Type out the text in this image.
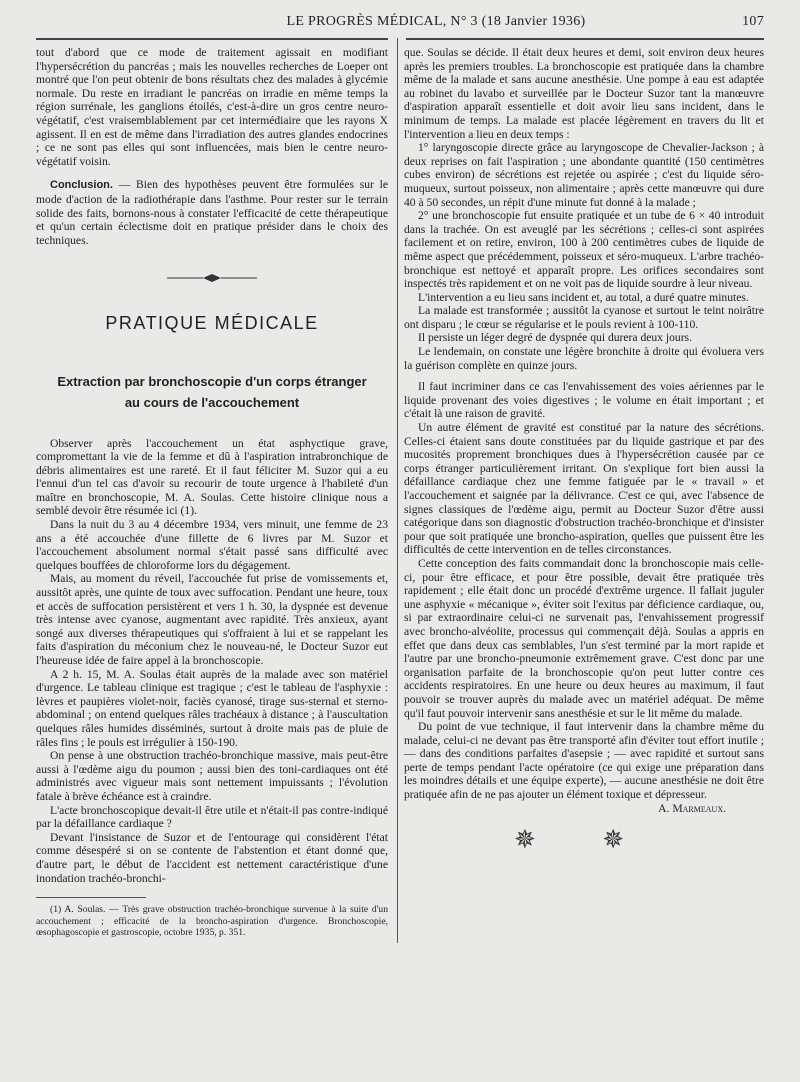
LE PROGRÈS MÉDICAL, N° 3 (18 Janvier 1936)	107

tout d'abord que ce mode de traitement agissait en modifiant l'hypersécrétion du pancréas ; mais les nouvelles recherches de Loeper ont montré que l'on peut obtenir de bons résultats chez des malades à glycémie normale. Du reste en irradiant le pancréas on irradie en même temps la région surrénale, les ganglions étoilés, c'est-à-dire un gros centre neuro-végétatif, c'est vraisemblablement par cet intermédiaire que les rayons X agissent. Il en est de même dans l'irradiation des autres glandes endocrines ; ce ne sont pas elles qui sont influencées, mais bien le centre neuro-végétatif voisin.

Conclusion. — Bien des hypothèses peuvent être formulées sur le mode d'action de la radiothérapie dans l'asthme. Pour rester sur le terrain solide des faits, bornons-nous à constater l'efficacité de cette thérapeutique et qu'un certain éclectisme doit en pratique présider dans le choix des techniques.

PRATIQUE MÉDICALE
Extraction par bronchoscopie d'un corps étranger
au cours de l'accouchement

Observer après l'accouchement un état asphyctique grave, compromettant la vie de la femme et dû à l'aspiration intrabronchique de débris alimentaires est une rareté. Et il faut féliciter M. Suzor qui a eu l'ennui d'un tel cas d'avoir su recourir de toute urgence à l'habileté d'un maître en bronchoscopie, M. A. Soulas. Cette histoire clinique nous a semblé devoir être résumée ici (1).

Dans la nuit du 3 au 4 décembre 1934, vers minuit, une femme de 23 ans a été accouchée d'une fillette de 6 livres par M. Suzor et l'accouchement absolument normal s'était passé sans difficulté avec quelques bouffées de chloroforme lors du dégagement.

Mais, au moment du réveil, l'accouchée fut prise de vomissements et, aussitôt après, une quinte de toux avec suffocation. Pendant une heure, toux et accès de suffocation persistèrent et vers 1 h. 30, la dyspnée est devenue très intense avec cyanose, augmentant avec rapidité. Très anxieux, ayant songé aux diverses thérapeutiques qui s'offraient à lui et se rappelant les faits d'aspiration du méconium chez le nouveau-né, le Docteur Suzor eut l'heureuse idée de faire appel à la bronchoscopie.

A 2 h. 15, M. A. Soulas était auprès de la malade avec son matériel d'urgence. Le tableau clinique est tragique ; c'est le tableau de l'asphyxie : lèvres et paupières violet-noir, faciès cyanosé, tirage sus-sternal et sterno-abdominal ; on entend quelques râles trachéaux à distance ; à l'auscultation quelques râles humides disséminés, surtout à droite mais pas de pluie de râles fins ; le pouls est irrégulier à 150-190.

On pense à une obstruction trachéo-bronchique massive, mais peut-être aussi à l'œdème aigu du poumon ; aussi bien des toni-cardiaques ont été administrés avec vigueur mais sont nettement impuissants ; l'évolution fatale à brève échéance est à craindre.

L'acte bronchoscopique devait-il être utile et n'était-il pas contre-indiqué par la défaillance cardiaque ?

Devant l'insistance de Suzor et de l'entourage qui considèrent l'état comme désespéré si on se contente de l'abstention et étant donné que, d'autre part, le début de l'accident est nettement caractéristique d'une inondation trachéo-bronchi-

(1) A. Soulas. — Très grave obstruction trachéo-bronchique survenue à la suite d'un accouchement ; efficacité de la broncho-aspiration d'urgence. Bronchoscopie, œsophagoscopie et gastroscopie, octobre 1935, p. 351.

que. Soulas se décide. Il était deux heures et demi, soit environ deux heures après les premiers troubles. La bronchoscopie est pratiquée dans la chambre même de la malade et sans aucune anesthésie. Une pompe à eau est adaptée au robinet du lavabo et surveillée par le Docteur Suzor tant la manœuvre d'aspiration apparaît essentielle et doit avoir lieu sans incident, dans le minimum de temps. La malade est placée légèrement en travers du lit et l'intervention a lieu en deux temps :

1° laryngoscopie directe grâce au laryngoscope de Chevalier-Jackson ; à deux reprises on fait l'aspiration ; une abondante quantité (150 centimètres cubes environ) de sécrétions est rejetée ou aspirée ; c'est du liquide séro-muqueux, surtout poisseux, non alimentaire ; après cette manœuvre qui dure 40 à 50 secondes, un répit d'une minute fut donné à la malade ;

2° une bronchoscopie fut ensuite pratiquée et un tube de 6 × 40 introduit dans la trachée. On est aveuglé par les sécrétions ; celles-ci sont aspirées facilement et on retire, environ, 100 à 200 centimètres cubes de liquide de même aspect que précédemment, poisseux et séro-muqueux. L'arbre trachéo-bronchique est nettoyé et apparaît propre. Les orifices secondaires sont inspectés très rapidement et on ne voit pas de liquide sourdre à leur niveau.

L'intervention a eu lieu sans incident et, au total, a duré quatre minutes.

La malade est transformée ; aussitôt la cyanose et surtout le teint noirâtre ont disparu ; le cœur se régularise et le pouls revient à 100-110.

Il persiste un léger degré de dyspnée qui durera deux jours.

Le lendemain, on constate une légère bronchite à droite qui évoluera vers la guérison complète en quinze jours.

Il faut incriminer dans ce cas l'envahissement des voies aériennes par le liquide provenant des voies digestives ; le volume en était important ; et c'était là une raison de gravité.

Un autre élément de gravité est constitué par la nature des sécrétions. Celles-ci étaient sans doute constituées par du liquide gastrique et par des mucosités proprement bronchiques dues à l'hypersécrétion causée par ce corps étranger particulièrement irritant. On s'explique fort bien aussi la défaillance cardiaque chez une femme fatiguée par le « travail » et l'accouchement et saignée par la délivrance. C'est ce qui, avec l'absence de signes classiques de l'œdème aigu, permit au Docteur Suzor d'être aussi catégorique dans son diagnostic d'obstruction trachéo-bronchique et d'insister pour que soit pratiquée une broncho-aspiration, quelles que puissent être les difficultés de cette intervention en de telles circonstances.

Cette conception des faits commandait donc la bronchoscopie mais celle-ci, pour être efficace, et pour être possible, devait être pratiquée très rapidement ; elle était donc un procédé d'extrême urgence. Il fallait juguler une asphyxie « mécanique », éviter soit l'exitus par déficience cardiaque, ou, si par extraordinaire celui-ci ne survenait pas, l'envahissement progressif avec broncho-alvéolite, processus qui commençait déjà. Soulas a appris en effet que dans deux cas semblables, l'un s'est terminé par la mort rapide et l'autre par une broncho-pneumonie extrêmement grave. C'est donc par une organisation parfaite de la bronchoscopie qu'on peut lutter contre ces accidents respiratoires. En une heure ou deux heures au maximum, il faut pouvoir se trouver auprès du malade avec un matériel adéquat. De même qu'il faut pouvoir intervenir sans anesthésie et sur le lit même du malade.

Du point de vue technique, il faut intervenir dans la chambre même du malade, celui-ci ne devant pas être transporté afin d'éviter tout effort inutile ; — dans des conditions parfaites d'asepsie ; — avec rapidité et surtout sans perte de temps pendant l'acte opératoire (ce qui exige une préparation dans les moindres détails et une équipe experte), — aucune anesthésie ne doit être pratiquée afin de ne pas ajouter un élément toxique et dépresseur.

A. Marmeaux.

✵ ✵
